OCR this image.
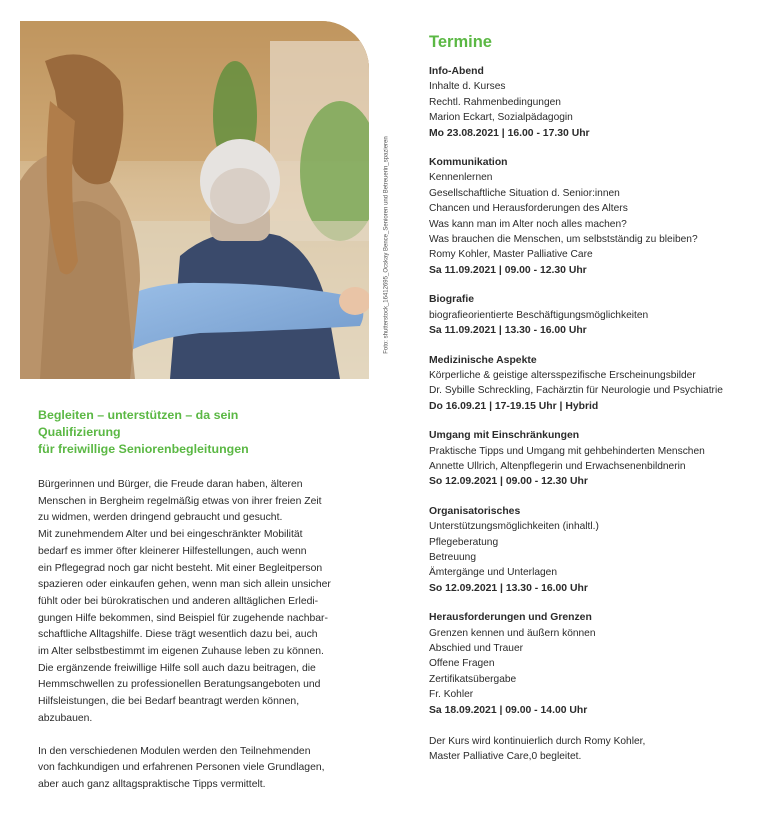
Foto: shutterstock_16412695_Ocskay Bence_Senioren und Betreuerin_spazieren

Begleiten – unterstützen – da sein
Qualifizierung
für freiwillige Seniorenbegleitungen

Bürgerinnen und Bürger, die Freude daran haben, älteren
Menschen in Bergheim regelmäßig etwas von ihrer freien Zeit
zu widmen, werden dringend gebraucht und gesucht.
Mit zunehmendem Alter und bei eingeschränkter Mobilität
bedarf es immer öfter kleinerer Hilfestellungen, auch wenn
ein Pflegegrad noch gar nicht besteht. Mit einer Begleitperson
spazieren oder einkaufen gehen, wenn man sich allein unsicher
fühlt oder bei bürokratischen und anderen alltäglichen Erledi-
gungen Hilfe bekommen, sind Beispiel für zugehende nachbar-
schaftliche Alltagshilfe. Diese trägt wesentlich dazu bei, auch
im Alter selbstbestimmt im eigenen Zuhause leben zu können.
Die ergänzende freiwillige Hilfe soll auch dazu beitragen, die
Hemmschwellen zu professionellen Beratungsangeboten und
Hilfsleistungen, die bei Bedarf beantragt werden können,
abzubauen.
In den verschiedenen Modulen werden den Teilnehmenden
von fachkundigen und erfahrenen Personen viele Grundlagen,
aber auch ganz alltagspraktische Tipps vermittelt.
Termine
Info-Abend
Inhalte d. Kurses
Rechtl. Rahmenbedingungen
Marion Eckart, Sozialpädagogin
Mo 23.08.2021 | 16.00 - 17.30 Uhr
Kommunikation
Kennenlernen
Gesellschaftliche Situation d. Senior:innen
Chancen und Herausforderungen des Alters
Was kann man im Alter noch alles machen?
Was brauchen die Menschen, um selbstständig zu bleiben?
Romy Kohler, Master Palliative Care
Sa 11.09.2021 | 09.00 - 12.30 Uhr
Biografie
biografieorientierte Beschäftigungsmöglichkeiten
Sa 11.09.2021 | 13.30 - 16.00 Uhr
Medizinische Aspekte
Körperliche & geistige altersspezifische Erscheinungsbilder
Dr. Sybille Schreckling, Fachärztin für Neurologie und Psychiatrie
Do 16.09.21 | 17-19.15 Uhr | Hybrid
Umgang mit Einschränkungen
Praktische Tipps und Umgang mit gehbehinderten Menschen
Annette Ullrich, Altenpflegerin und Erwachsenenbildnerin
So 12.09.2021 | 09.00 - 12.30 Uhr
Organisatorisches
Unterstützungsmöglichkeiten (inhaltl.)
Pflegeberatung
Betreuung
Ämtergänge und Unterlagen
So 12.09.2021 | 13.30 - 16.00 Uhr
Herausforderungen und Grenzen
Grenzen kennen und äußern können
Abschied und Trauer
Offene Fragen
Zertifikatsübergabe
Fr. Kohler
Sa 18.09.2021 | 09.00 - 14.00 Uhr
Der Kurs wird kontinuierlich durch Romy Kohler,
Master Palliative Care,0 begleitet.
